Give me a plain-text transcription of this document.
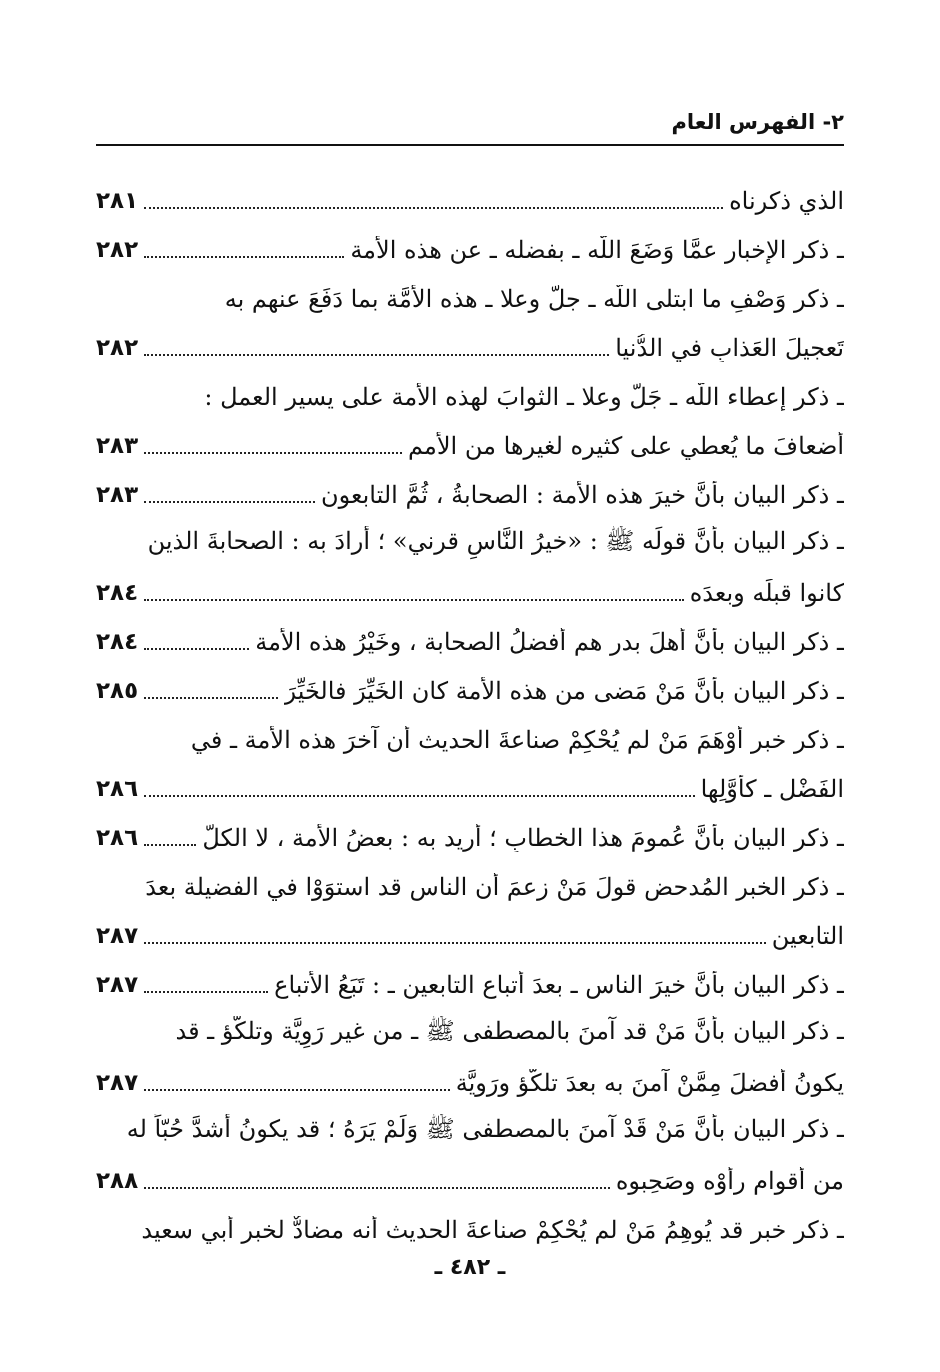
٢- الفهرس العام
الذي ذكرناه
٢٨١
ـ ذكر الإخبار عمَّا وَضَعَ اللّه ـ بفضله ـ عن هذه الأمة
٢٨٢
ـ ذكر وَصْفِ ما ابتلى اللّه ـ جلَّ وعلا ـ هذه الأمَّة بما دَفَعَ عنهم به
تَعجيلَ العَذابِ في الدُّنيا
٢٨٢
ـ ذكر إعطاء اللّه ـ جَلَّ وعلا ـ الثوابَ لهذه الأمة على يسير العمل :
أضعافَ ما يُعطي على كثيره لغيرها من الأمم
٢٨٣
ـ ذكر البيان بأنَّ خيرَ هذه الأمة : الصحابةُ ، ثُمَّ التابعون
٢٨٣
ـ ذكر البيان بأنَّ قولَه ﷺ : «خيرُ النَّاسِ قرني» ؛ أرادَ به : الصحابةَ الذين
كانوا قبلَه وبعدَه
٢٨٤
ـ ذكر البيان بأنَّ أهلَ بدرٍ هم أفضلُ الصحابة ، وخَيْرُ هذه الأمة
٢٨٤
ـ ذكر البيان بأنَّ مَنْ مَضى من هذه الأمة كان الخَيِّرَ فالخَيِّرَ
٢٨٥
ـ ذكر خبرٍ أَوْهَمَ مَنْ لم يُحْكِمْ صناعةَ الحديث أن آخرَ هذه الأمة ـ في
الفَضْلِ ـ كأوَّلِها
٢٨٦
ـ ذكر البيان بأنَّ عُمومَ هذا الخطابِ ؛ أُريد به : بعضُ الأمة ، لا الكلّ
٢٨٦
ـ ذكر الخبرِ المُدحضِ قولَ مَنْ زعمَ أن الناس قد استوَوْا في الفضيلة بعدَ
التابعين
٢٨٧
ـ ذكر البيان بأنَّ خيرَ الناس ـ بعدَ أتباع التابعين ـ : تَبَعُ الأتباع
٢٨٧
ـ ذكر البيان بأنَّ مَنْ قد آمنَ بالمصطفى ﷺ ـ من غير رَوِيَّة وتلكُّؤ ـ قد
يكونُ أفضلَ مِمَّنْ آمنَ به بعدَ تلكُّؤ ورَوِيَّة
٢٨٧
ـ ذكر البيان بأنَّ مَنْ قَدْ آمنَ بالمصطفى ﷺ وَلَمْ يَرَهُ ؛ قد يكونُ أشدَّ حُبّاً له
من أقوام رأوْه وصَحِبوه
٢٨٨
ـ ذكر خبرٍ قد يُوهِمُ مَنْ لم يُحْكِمْ صناعةَ الحديث أنه مضادٌّ لخبر أبي سعيد
ـ ٤٨٢ ـ
